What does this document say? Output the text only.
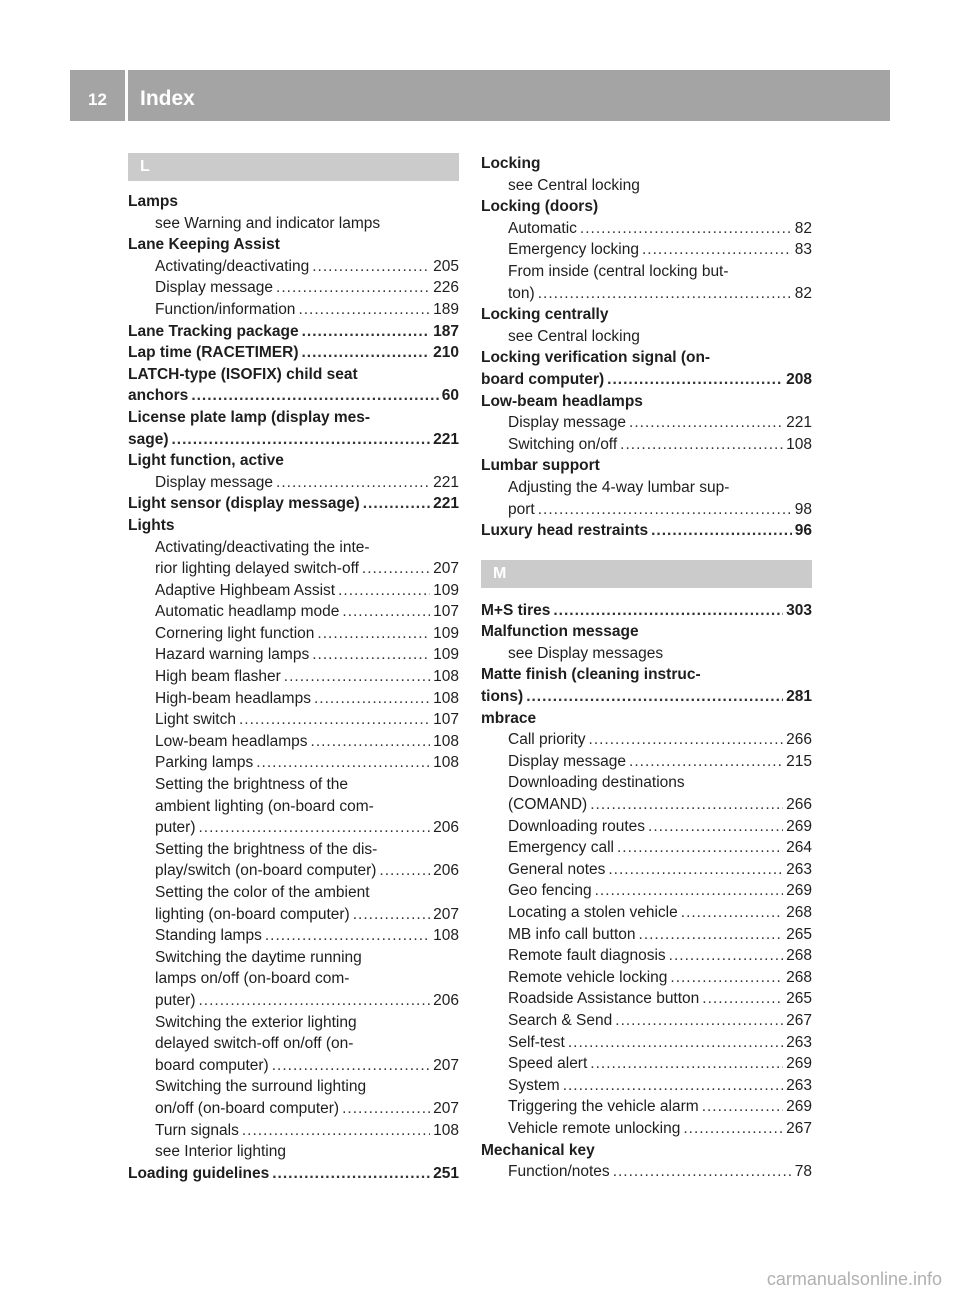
12	Index
L
Lamps
see Warning and indicator lamps
Lane Keeping Assist
Activating/deactivating .....	205
Display message .....	226
Function/information .....	189
Lane Tracking package .....	187
Lap time (RACETIMER) .....	210
LATCH-type (ISOFIX) child seat
anchors .....	60
License plate lamp (display mes-
sage) .....	221
Light function, active
Display message .....	221
Light sensor (display message) .....	221
Lights
Activating/deactivating the inte-
rior lighting delayed switch-off .....	207
Adaptive Highbeam Assist .....	109
Automatic headlamp mode .....	107
Cornering light function .....	109
Hazard warning lamps .....	109
High beam flasher .....	108
High-beam headlamps .....	108
Light switch .....	107
Low-beam headlamps .....	108
Parking lamps .....	108
Setting the brightness of the
ambient lighting (on-board com-
puter) .....	206
Setting the brightness of the dis-
play/switch (on-board computer) .....	206
Setting the color of the ambient
lighting (on-board computer) .....	207
Standing lamps .....	108
Switching the daytime running
lamps on/off (on-board com-
puter) .....	206
Switching the exterior lighting
delayed switch-off on/off (on-
board computer) .....	207
Switching the surround lighting
on/off (on-board computer) .....	207
Turn signals .....	108
see Interior lighting
Loading guidelines .....	251
Locking
see Central locking
Locking (doors)
Automatic .....	82
Emergency locking .....	83
From inside (central locking but-
ton) .....	82
Locking centrally
see Central locking
Locking verification signal (on-
board computer) .....	208
Low-beam headlamps
Display message .....	221
Switching on/off .....	108
Lumbar support
Adjusting the 4-way lumbar sup-
port .....	98
Luxury head restraints .....	96
M
M+S tires .....	303
Malfunction message
see Display messages
Matte finish (cleaning instruc-
tions) .....	281
mbrace
Call priority .....	266
Display message .....	215
Downloading destinations
(COMAND) .....	266
Downloading routes .....	269
Emergency call .....	264
General notes .....	263
Geo fencing .....	269
Locating a stolen vehicle .....	268
MB info call button .....	265
Remote fault diagnosis .....	268
Remote vehicle locking .....	268
Roadside Assistance button .....	265
Search & Send .....	267
Self-test .....	263
Speed alert .....	269
System .....	263
Triggering the vehicle alarm .....	269
Vehicle remote unlocking .....	267
Mechanical key
Function/notes .....	78
carmanualsonline.info
